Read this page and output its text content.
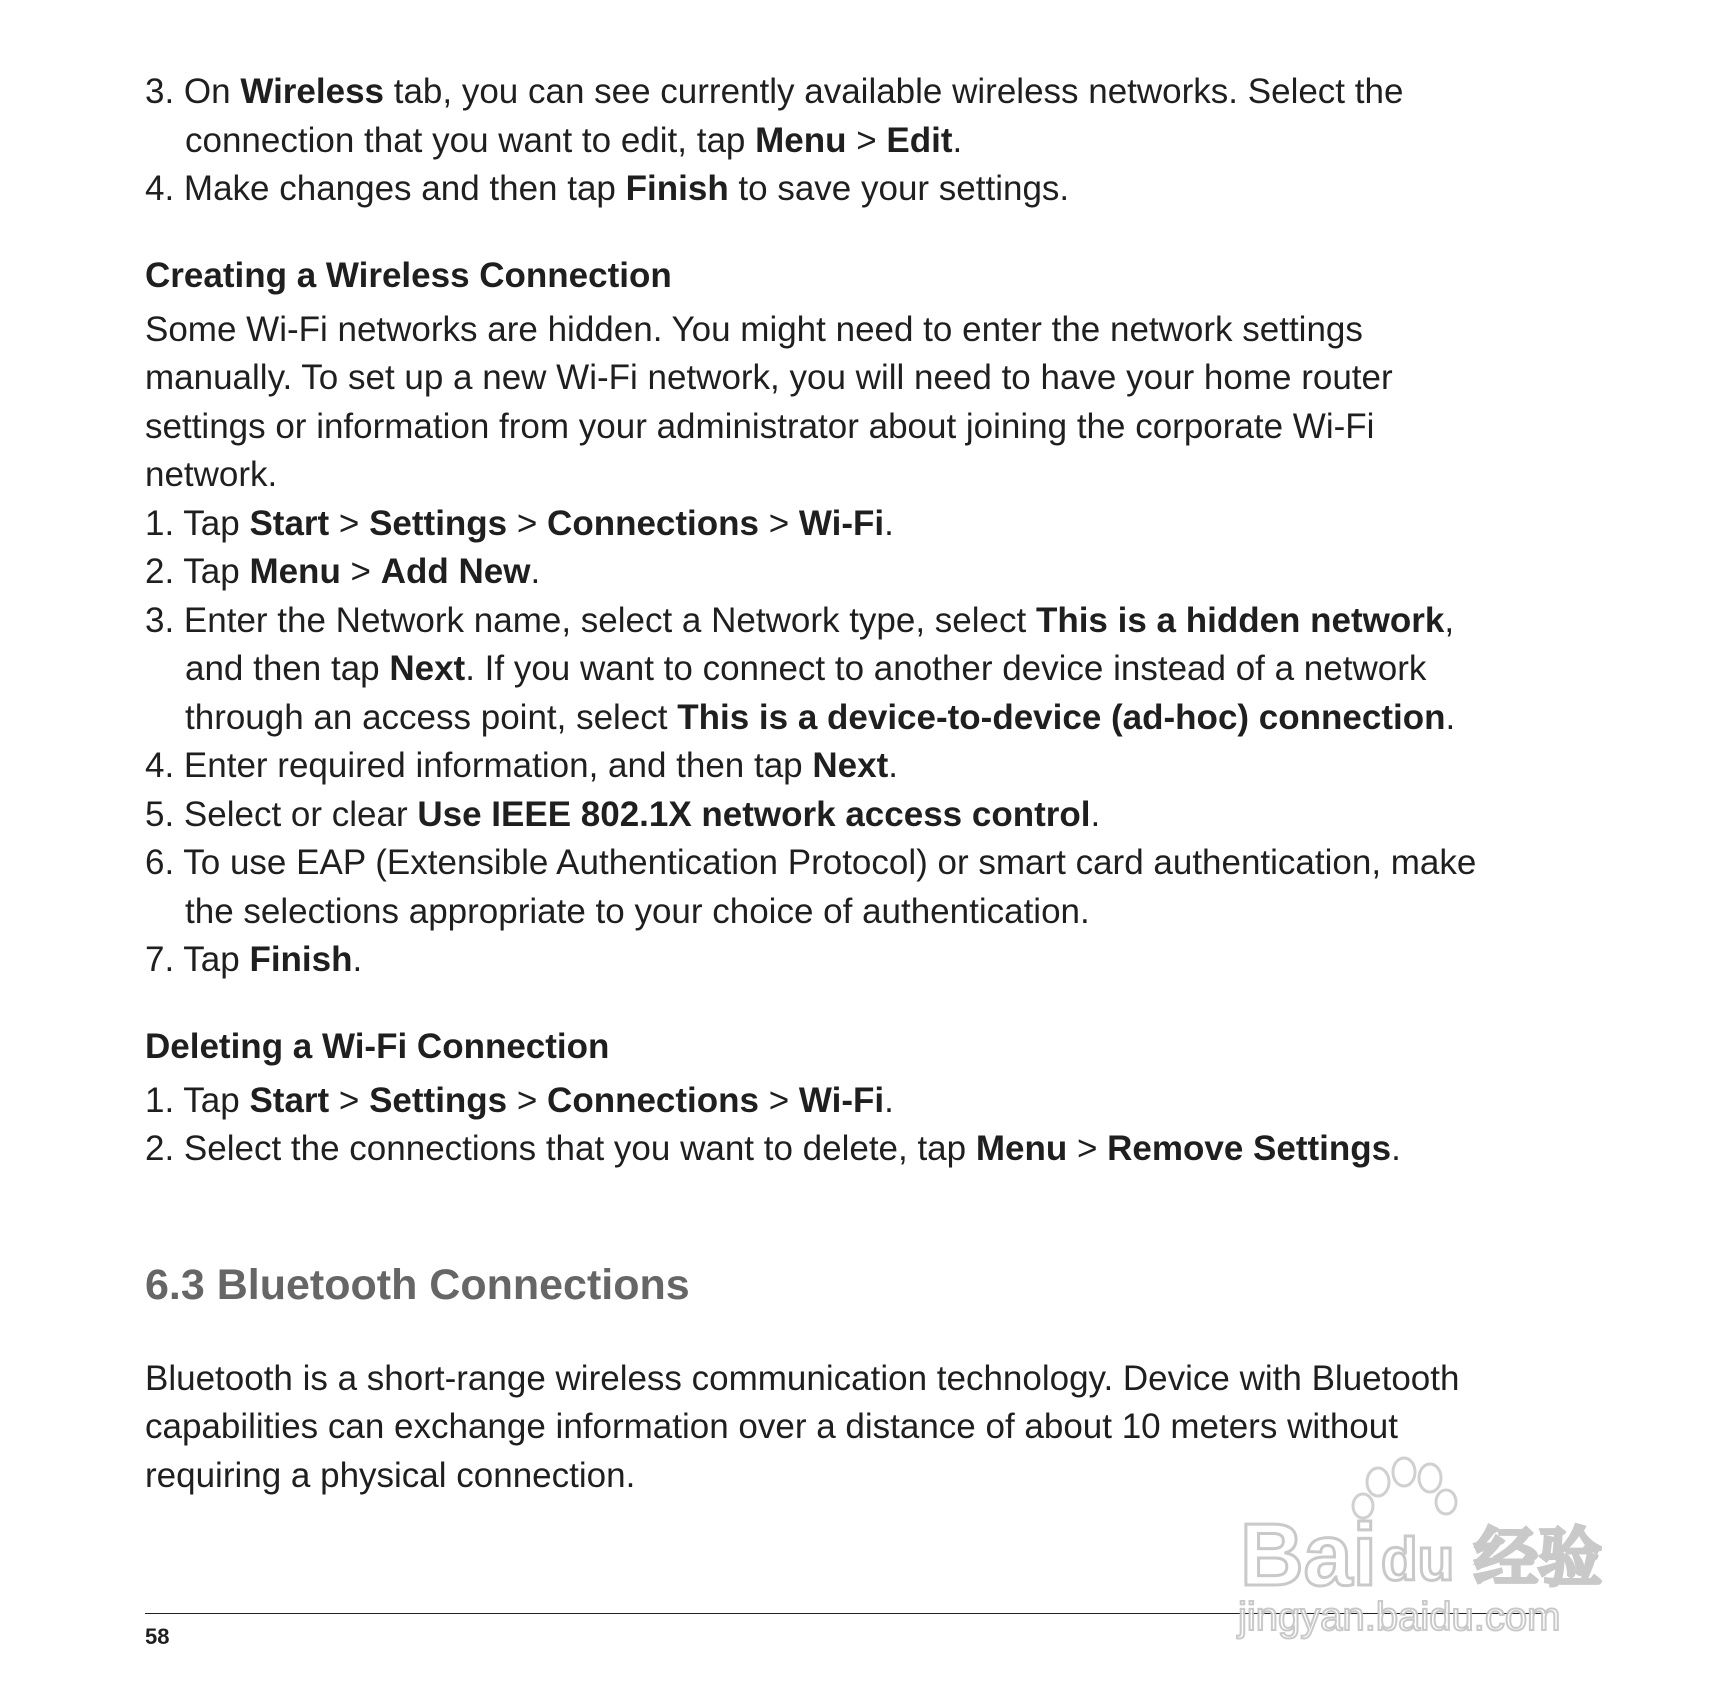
3. On Wireless tab, you can see currently available wireless networks. Select the
connection that you want to edit, tap Menu > Edit.
4. Make changes and then tap Finish to save your settings.
Creating a Wireless Connection
Some Wi-Fi networks are hidden. You might need to enter the network settings
manually. To set up a new Wi-Fi network, you will need to have your home router
settings or information from your administrator about joining the corporate Wi-Fi
network.
1. Tap Start > Settings > Connections > Wi-Fi.
2. Tap Menu > Add New.
3. Enter the Network name, select a Network type, select This is a hidden network,
and then tap Next. If you want to connect to another device instead of a network
through an access point, select This is a device-to-device (ad-hoc) connection.
4. Enter required information, and then tap Next.
5. Select or clear Use IEEE 802.1X network access control.
6. To use EAP (Extensible Authentication Protocol) or smart card authentication, make
the selections appropriate to your choice of authentication.
7. Tap Finish.
Deleting a Wi-Fi Connection
1. Tap Start > Settings > Connections > Wi-Fi.
2. Select the connections that you want to delete, tap Menu > Remove Settings.
6.3 Bluetooth Connections
Bluetooth is a short-range wireless communication technology. Device with Bluetooth
capabilities can exchange information over a distance of about 10 meters without
requiring a physical connection.
58
Bai du 经验
jingyan.baidu.com
